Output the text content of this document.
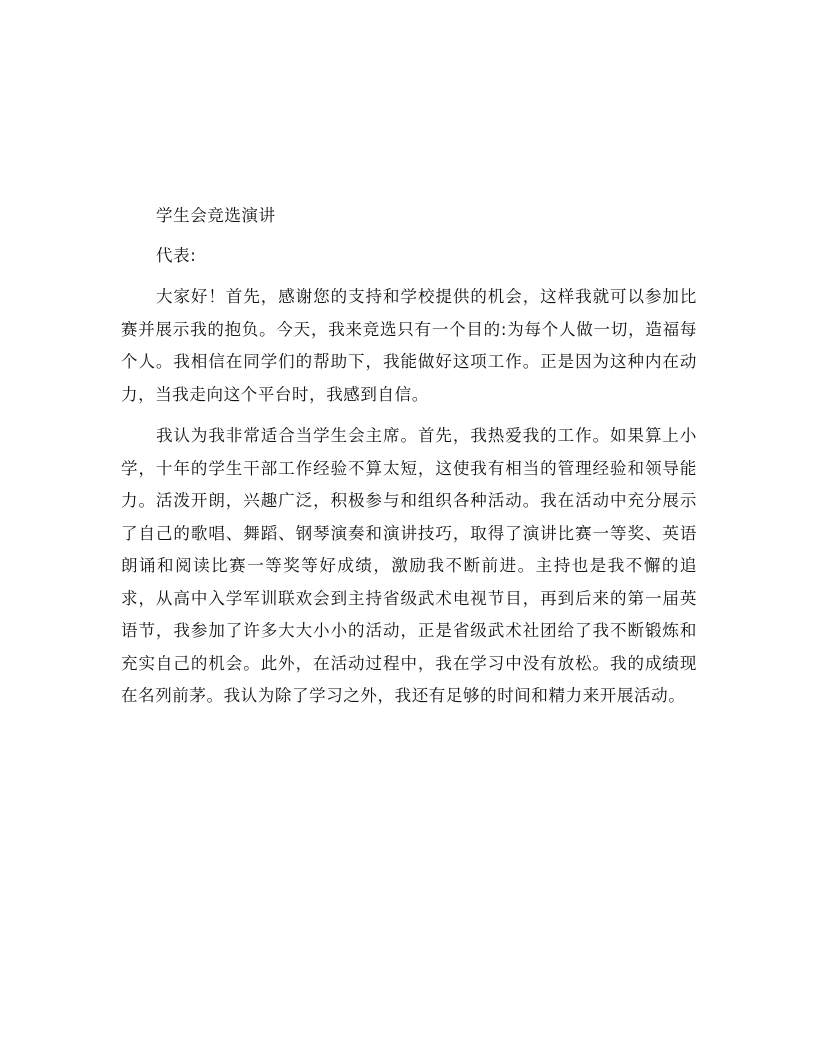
学生会竞选演讲

代表:

大家好！首先，感谢您的支持和学校提供的机会，这样我就可以参加比赛并展示我的抱负。今天，我来竞选只有一个目的:为每个人做一切，造福每个人。我相信在同学们的帮助下，我能做好这项工作。正是因为这种内在动力，当我走向这个平台时，我感到自信。

我认为我非常适合当学生会主席。首先，我热爱我的工作。如果算上小学，十年的学生干部工作经验不算太短，这使我有相当的管理经验和领导能力。活泼开朗，兴趣广泛，积极参与和组织各种活动。我在活动中充分展示了自己的歌唱、舞蹈、钢琴演奏和演讲技巧，取得了演讲比赛一等奖、英语朗诵和阅读比赛一等奖等好成绩，激励我不断前进。主持也是我不懈的追求，从高中入学军训联欢会到主持省级武术电视节目，再到后来的第一届英语节，我参加了许多大大小小的活动，正是省级武术社团给了我不断锻炼和充实自己的机会。此外，在活动过程中，我在学习中没有放松。我的成绩现在名列前茅。我认为除了学习之外，我还有足够的时间和精力来开展活动。
